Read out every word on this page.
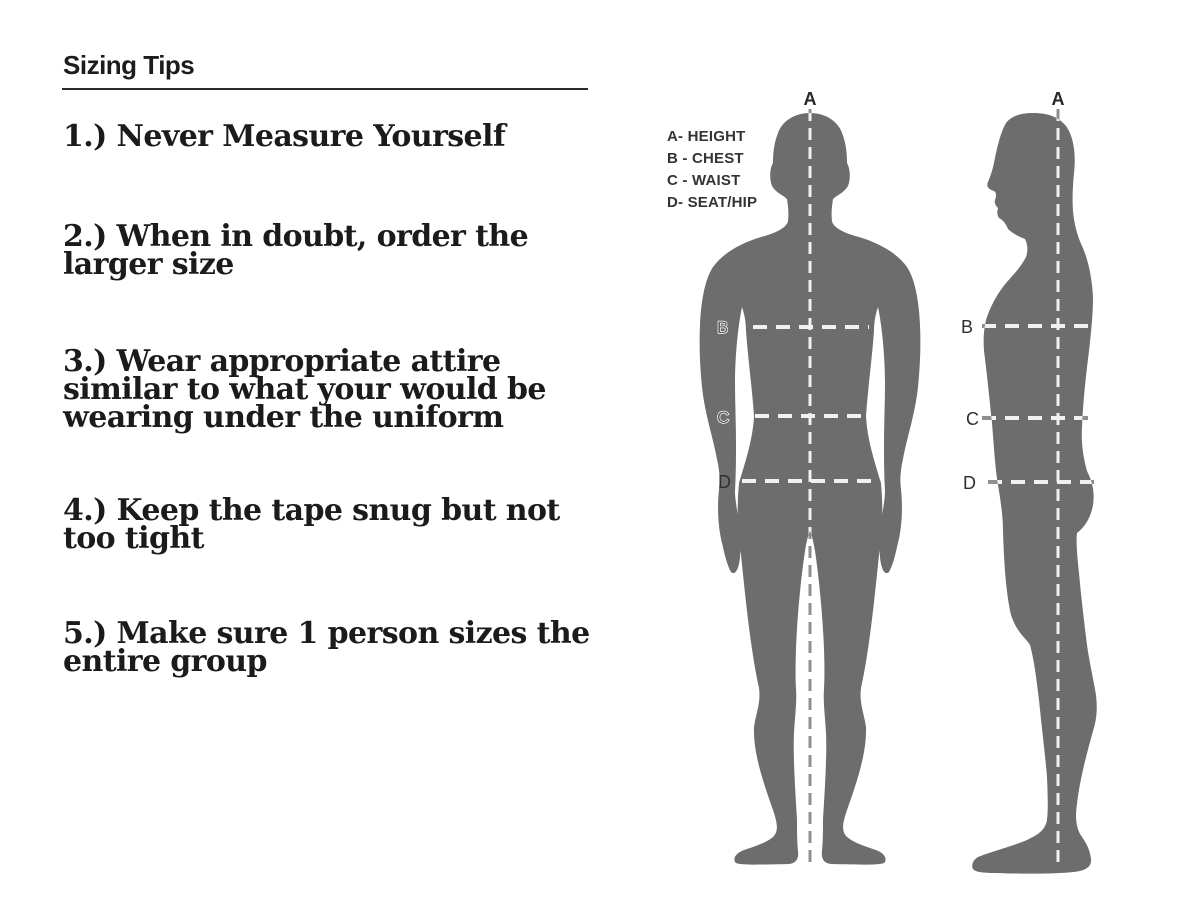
Sizing Tips
1.) Never Measure Yourself
2.) When in doubt, order the
larger size
3.) Wear appropriate attire
similar to what your would be
wearing under the uniform
4.) Keep the tape snug but not
too tight
5.) Make sure 1 person sizes the
entire group
A- HEIGHT
B - CHEST
C - WAIST
D- SEAT/HIP
A	A
B
C
D
B
C
D
